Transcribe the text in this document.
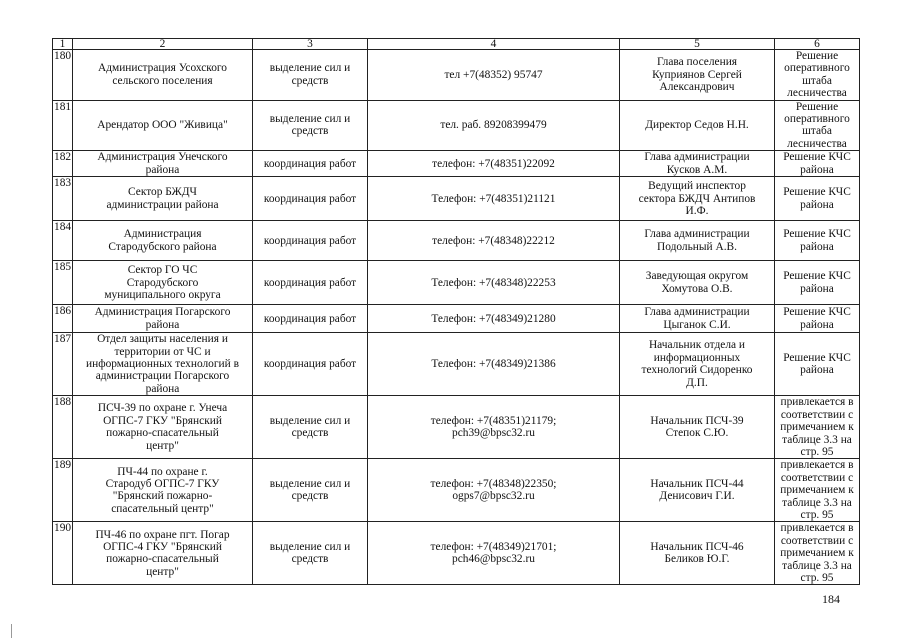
1	2	3	4	5	6
180	Администрация Усохского
сельского поселения	выделение сил и
средств	тел +7(48352) 95747	Глава поселения
Куприянов Сергей
Александрович	Решение
оперативного штаба
лесничества
181	Арендатор ООО "Живица"	выделение сил и
средств	тел. раб. 89208399479	Директор Седов Н.Н.	Решение
оперативного штаба
лесничества
182	Администрация Унечского
района	координация работ	телефон: +7(48351)22092	Глава администрации
Кусков А.М.	Решение КЧС района
183	Сектор БЖДЧ
администрации района	координация работ	Телефон: +7(48351)21121	Ведущий инспектор
сектора БЖДЧ Антипов
И.Ф.	Решение КЧС района
184	Администрация
Стародубского района	координация работ	телефон: +7(48348)22212	Глава администрации
Подольный А.В.	Решение КЧС района
185	Сектор ГО ЧС
Стародубского
муниципального округа	координация работ	Телефон: +7(48348)22253	Заведующая округом
Хомутова О.В.	Решение КЧС района
186	Администрация Погарского
района	координация работ	Телефон: +7(48349)21280	Глава администрации
Цыганок С.И.	Решение КЧС района
187	Отдел защиты населения и
территории от ЧС и
информационных технологий в
администрации Погарского
района	координация работ	Телефон: +7(48349)21386	Начальник отдела и
информационных
технологий Сидоренко
Д.П.	Решение КЧС района
188	ПСЧ-39 по охране г. Унеча
ОГПС-7 ГКУ "Брянский
пожарно-спасательный
центр"	выделение сил и
средств	телефон: +7(48351)21179;
pch39@bpsc32.ru	Начальник ПСЧ-39
Степок С.Ю.	привлекается в
соответствии с
примечанием к
таблице 3.3 на стр. 95
189	ПЧ-44 по охране г.
Стародуб ОГПС-7 ГКУ
"Брянский пожарно-
спасательный центр"	выделение сил и
средств	телефон: +7(48348)22350;
ogps7@bpsc32.ru	Начальник ПСЧ-44
Денисович Г.И.	привлекается в
соответствии с
примечанием к
таблице 3.3 на стр. 95
190	ПЧ-46 по охране пгт. Погар
ОГПС-4 ГКУ "Брянский
пожарно-спасательный
центр"	выделение сил и
средств	телефон: +7(48349)21701;
pch46@bpsc32.ru	Начальник ПСЧ-46
Беликов Ю.Г.	привлекается в
соответствии с
примечанием к
таблице 3.3 на стр. 95
184
